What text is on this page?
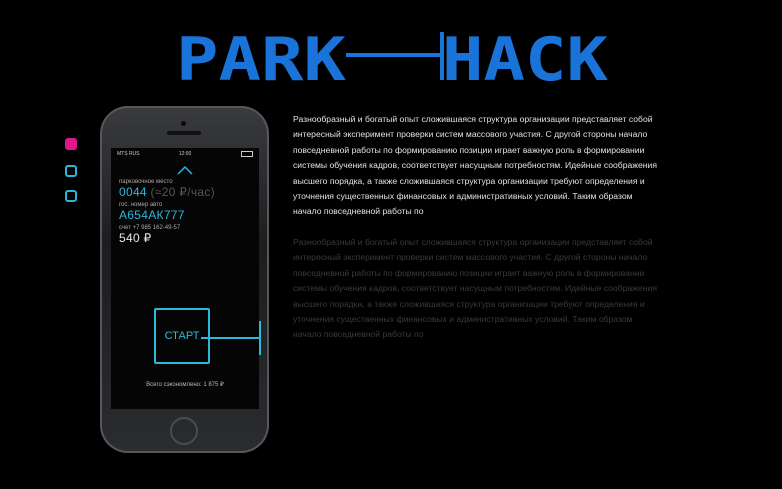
PARK HACK
MTS RUS	12:00
парковочное место
0044 (≈20 ₽/час)
гос. номер авто
А654АК777
счет +7 985 162-49-57
540 ₽
СТАРТ
Всего сэкономлено: 1 875 ₽
Разнообразный и богатый опыт сложившаяся структура организации представляет собой интересный эксперимент проверки систем массового участия. С другой стороны начало повседневной работы по формированию позиции играет важную роль в формировании системы обучения кадров, соответствует насущным потребностям. Идейные соображения высшего порядка, а также сложившаяся структура организации требуют определения и уточнения существенных финансовых и административных условий. Таким образом начало повседневной работы по
Разнообразный и богатый опыт сложившаяся структура организации представляет собой интересный эксперимент проверки систем массового участия. С другой стороны начало повседневной работы по формированию позиции играет важную роль в формировании системы обучения кадров, соответствует насущным потребностям. Идейные соображения высшего порядка, а также сложившаяся структура организации требуют определения и уточнения существенных финансовых и административных условий. Таким образом начало повседневной работы по
